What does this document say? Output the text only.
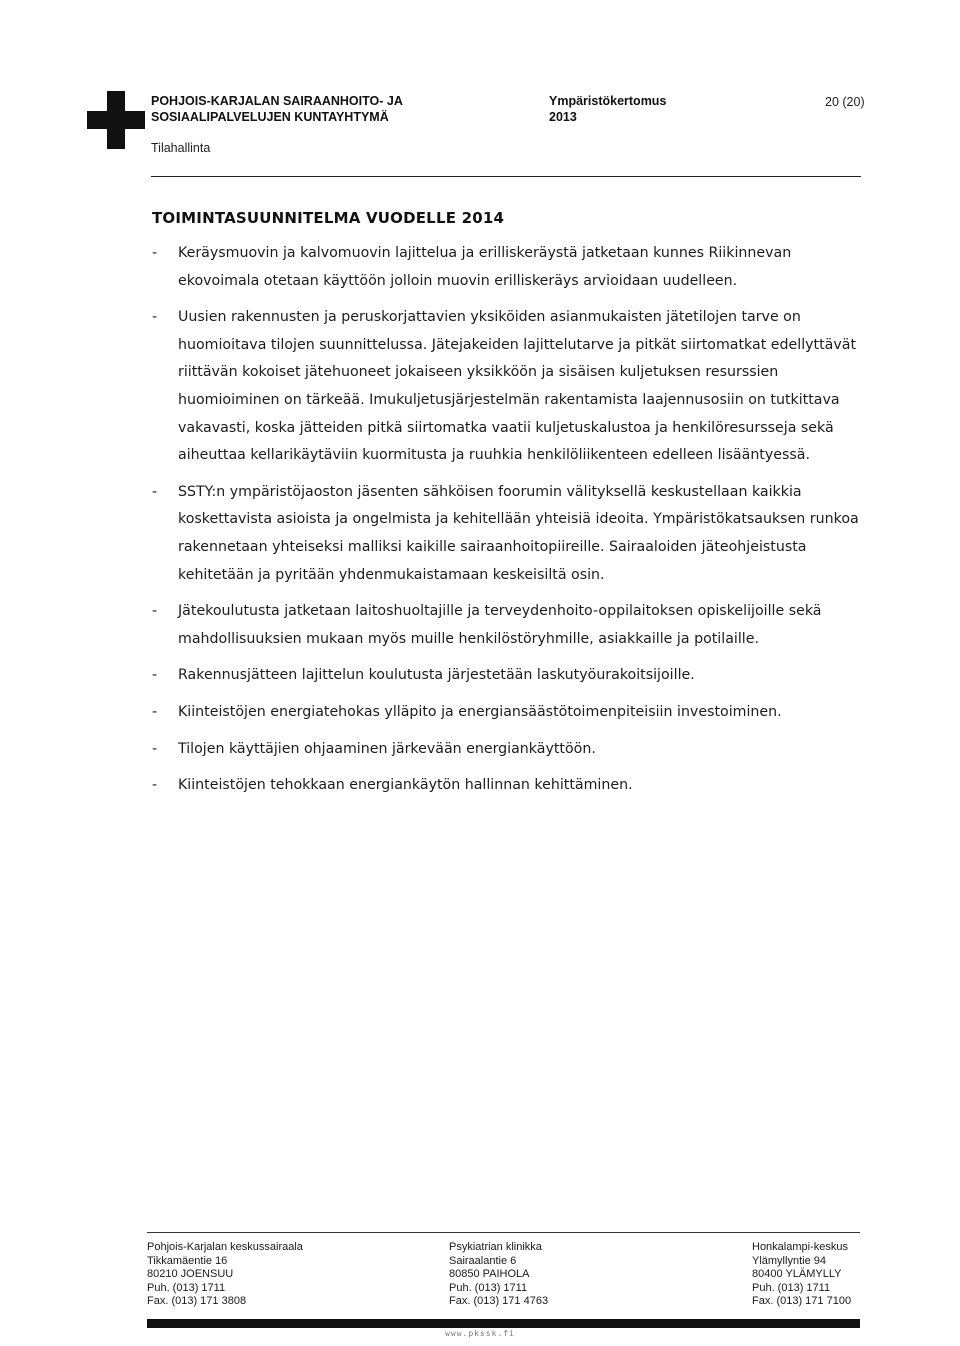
POHJOIS-KARJALAN SAIRAANHOITO- JA
SOSIAALIPALVELUJEN KUNTAYHTYMÄ
Tilahallinta
Ympäristökertomus
2013
20 (20)
TOIMINTASUUNNITELMA VUODELLE 2014
- Keräysmuovin ja kalvomuovin lajittelua ja erilliskeräystä jatketaan kunnes Riikinnevan ekovoimala otetaan käyttöön jolloin muovin erilliskeräys arvioidaan uudelleen.
- Uusien rakennusten ja peruskorjattavien yksiköiden asianmukaisten jätetilojen tarve on huomioitava tilojen suunnittelussa. Jätejakeiden lajittelutarve ja pitkät siirtomatkat edellyttävät riittävän kokoiset jätehuoneet jokaiseen yksikköön ja sisäisen kuljetuksen resurssien huomioiminen on tärkeää. Imukuljetusjärjestelmän rakentamista laajennusosiin on tutkittava vakavasti, koska jätteiden pitkä siirtomatka vaatii kuljetuskalustoa ja henkilöresursseja sekä aiheuttaa kellarikäytäviin kuormitusta ja ruuhkia henkilöliikenteen edelleen lisääntyessä.
- SSTY:n ympäristöjaoston jäsenten sähköisen foorumin välityksellä keskustellaan kaikkia koskettavista asioista ja ongelmista ja kehitellään yhteisiä ideoita. Ympäristökatsauksen runkoa rakennetaan yhteiseksi malliksi kaikille sairaanhoitopiireille. Sairaaloiden jäteohjeistusta kehitetään ja pyritään yhdenmukaistamaan keskeisiltä osin.
- Jätekoulutusta jatketaan laitoshuoltajille ja terveydenhoito-oppilaitoksen opiskelijoille sekä mahdollisuuksien mukaan myös muille henkilöstöryhmille, asiakkaille ja potilaille.
- Rakennusjätteen lajittelun koulutusta järjestetään laskutyöurakoitsijoille.
- Kiinteistöjen energiatehokas ylläpito ja energiansäästötoimenpiteisiin investoiminen.
- Tilojen käyttäjien ohjaaminen järkevään energiankäyttöön.
- Kiinteistöjen tehokkaan energiankäytön hallinnan kehittäminen.
Pohjois-Karjalan keskussairaala
Tikkamäentie 16
80210 JOENSUU
Puh. (013) 1711
Fax. (013) 171 3808
Psykiatrian klinikka
Sairaalantie 6
80850 PAIHOLA
Puh. (013) 1711
Fax. (013) 171 4763
Honkalampi-keskus
Ylämyllyntie 94
80400 YLÄMYLLY
Puh. (013) 1711
Fax. (013) 171 7100
www.pkssk.fi
